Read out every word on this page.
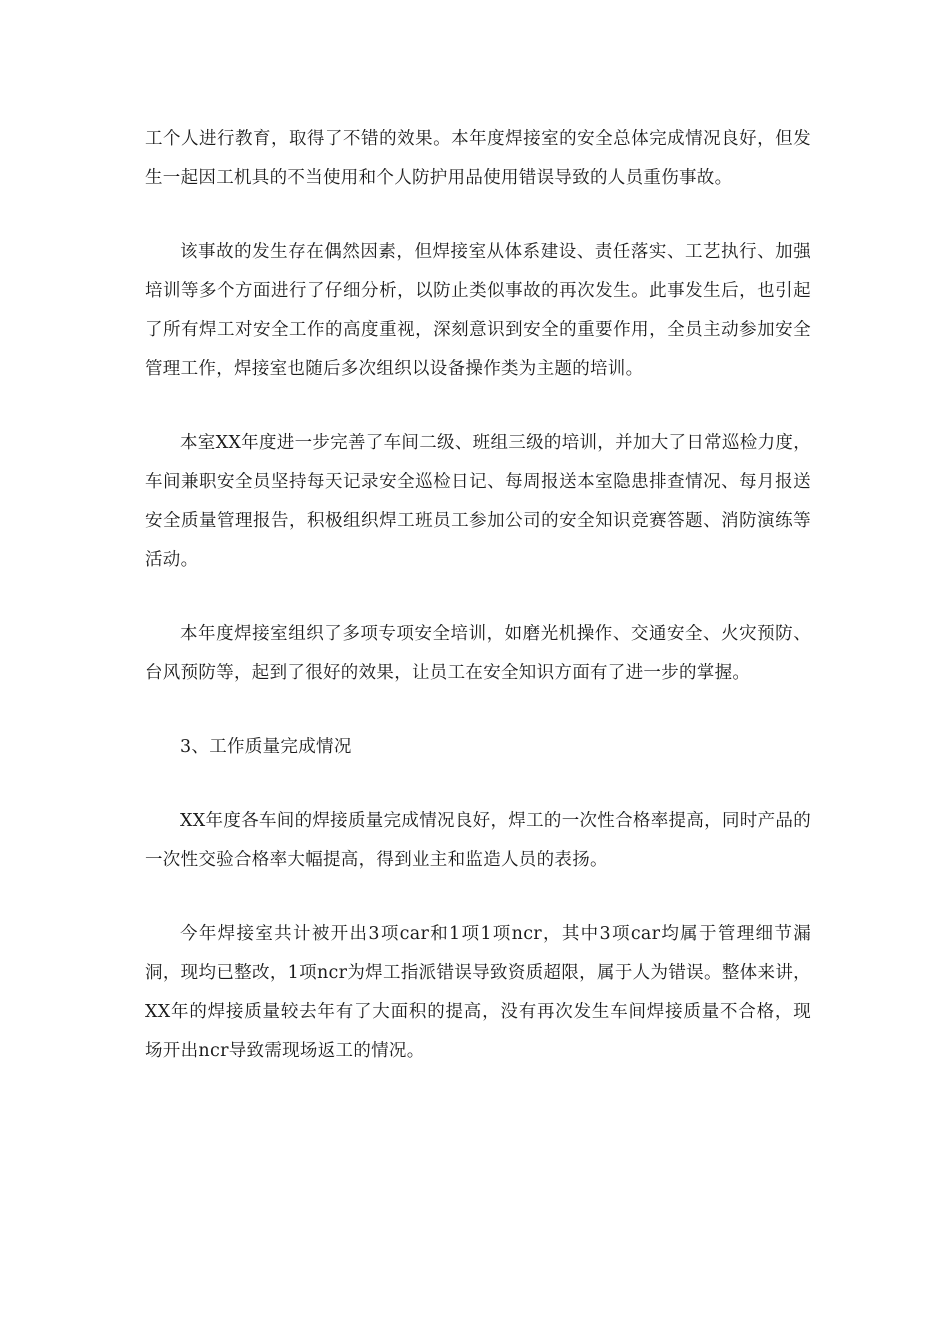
工个人进行教育，取得了不错的效果。本年度焊接室的安全总体完成情况良好，但发生一起因工机具的不当使用和个人防护用品使用错误导致的人员重伤事故。

该事故的发生存在偶然因素，但焊接室从体系建设、责任落实、工艺执行、加强培训等多个方面进行了仔细分析，以防止类似事故的再次发生。此事发生后，也引起了所有焊工对安全工作的高度重视，深刻意识到安全的重要作用，全员主动参加安全管理工作，焊接室也随后多次组织以设备操作类为主题的培训。

本室XX年度进一步完善了车间二级、班组三级的培训，并加大了日常巡检力度，车间兼职安全员坚持每天记录安全巡检日记、每周报送本室隐患排查情况、每月报送安全质量管理报告，积极组织焊工班员工参加公司的安全知识竞赛答题、消防演练等活动。

本年度焊接室组织了多项专项安全培训，如磨光机操作、交通安全、火灾预防、台风预防等，起到了很好的效果，让员工在安全知识方面有了进一步的掌握。

3、工作质量完成情况

XX年度各车间的焊接质量完成情况良好，焊工的一次性合格率提高，同时产品的一次性交验合格率大幅提高，得到业主和监造人员的表扬。

今年焊接室共计被开出3项car和1项1项ncr，其中3项car均属于管理细节漏洞，现均已整改，1项ncr为焊工指派错误导致资质超限，属于人为错误。整体来讲，XX年的焊接质量较去年有了大面积的提高，没有再次发生车间焊接质量不合格，现场开出ncr导致需现场返工的情况。
